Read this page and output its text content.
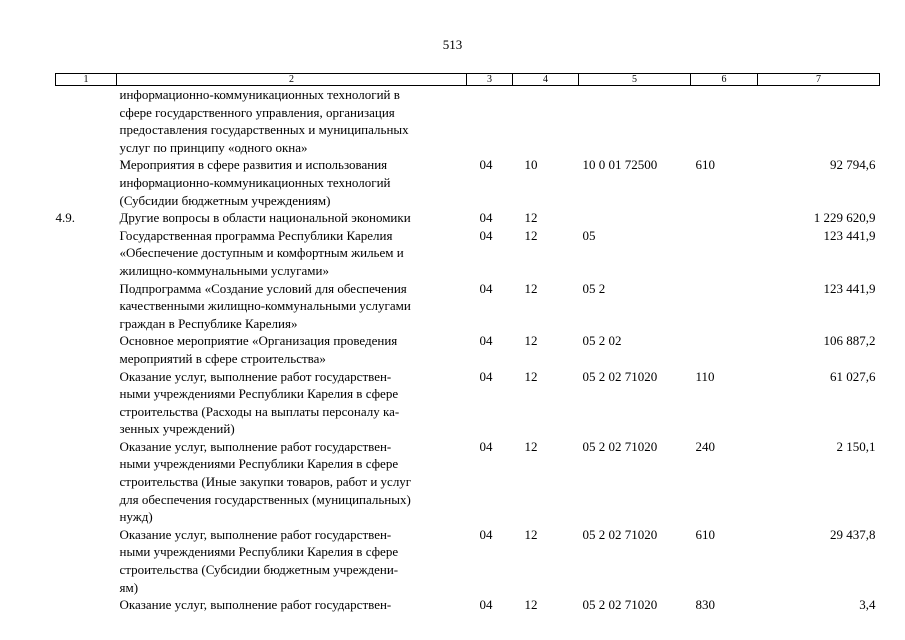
513
1	2	3	4	5	6	7
	информационно-коммуникационных технологий в
сфере государственного управления, организация
предоставления государственных и муниципальных
услуг по принципу «одного окна»					
	Мероприятия в сфере развития и использования
информационно-коммуникационных технологий
(Субсидии бюджетным учреждениям)	04	10	10 0 01 72500	610	92 794,6
4.9.	Другие вопросы в области национальной экономики	04	12			1 229 620,9
	Государственная программа Республики Карелия
«Обеспечение доступным и комфортным жильем и
жилищно-коммунальными услугами»	04	12	05		123 441,9
	Подпрограмма «Создание условий для обеспечения
качественными жилищно-коммунальными услугами
граждан в Республике Карелия»	04	12	05 2		123 441,9
	Основное мероприятие «Организация проведения
мероприятий в сфере строительства»	04	12	05 2 02		106 887,2
	Оказание услуг, выполнение работ государствен-
ными учреждениями Республики Карелия в сфере
строительства (Расходы на выплаты персоналу ка-
зенных учреждений)	04	12	05 2 02 71020	110	61 027,6
	Оказание услуг, выполнение работ государствен-
ными учреждениями Республики Карелия в сфере
строительства (Иные закупки товаров, работ и услуг
для обеспечения государственных (муниципальных)
нужд)	04	12	05 2 02 71020	240	2 150,1
	Оказание услуг, выполнение работ государствен-
ными учреждениями Республики Карелия в сфере
строительства (Субсидии бюджетным учреждени-
ям)	04	12	05 2 02 71020	610	29 437,8
	Оказание услуг, выполнение работ государствен-	04	12	05 2 02 71020	830	3,4
